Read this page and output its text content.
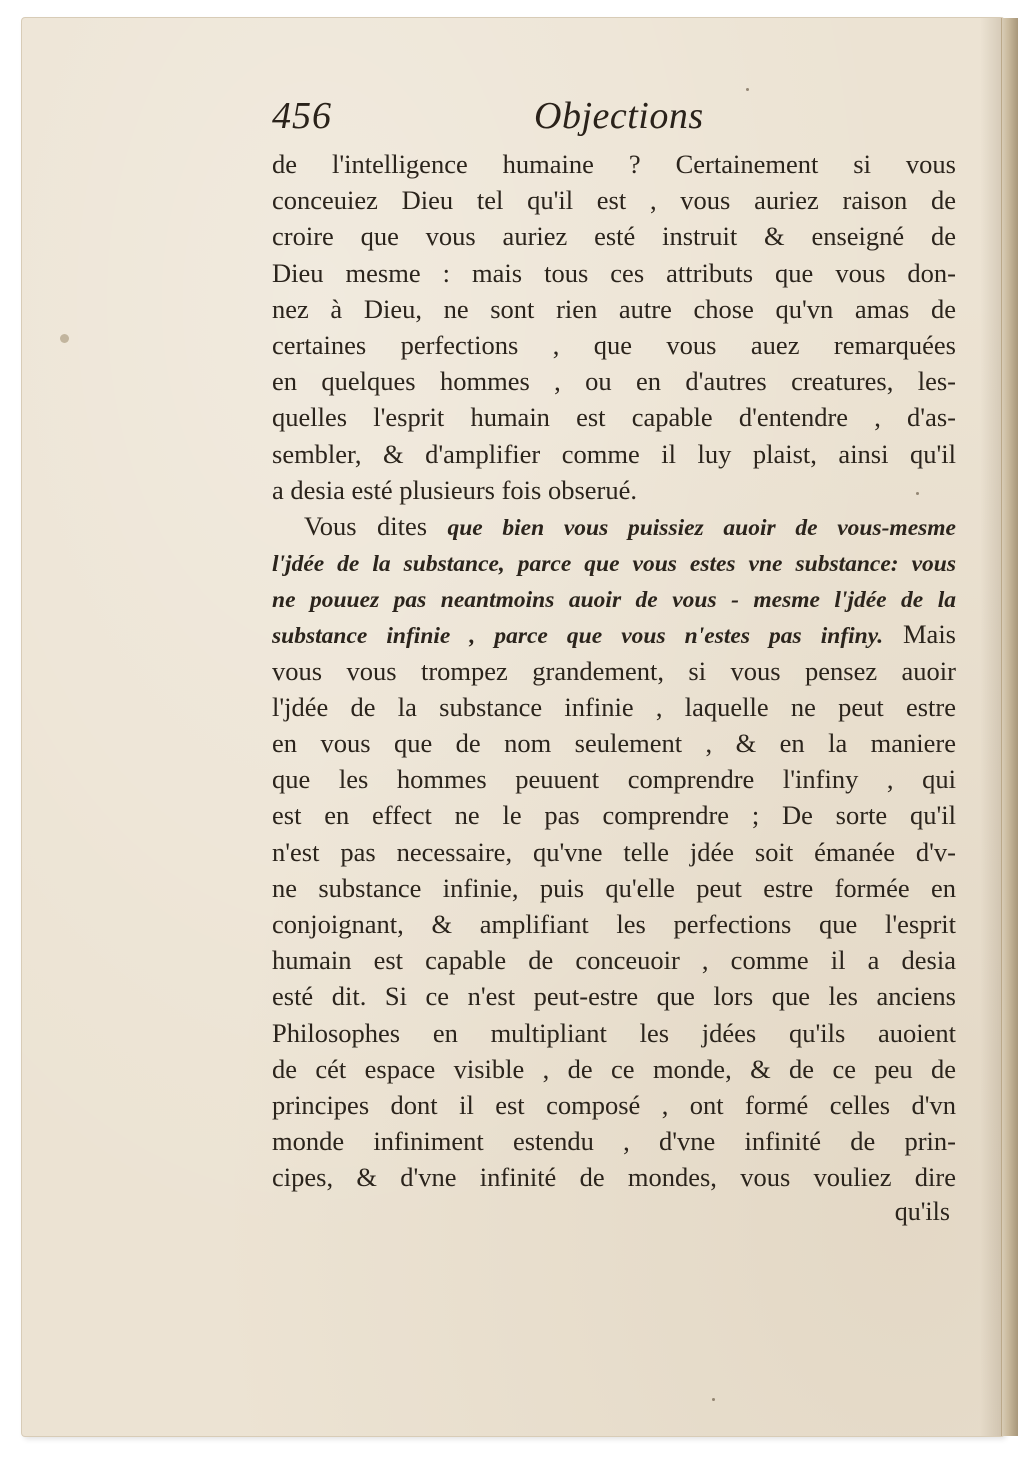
456	Objections
de l'intelligence humaine ? Certainement si vous
conceuiez Dieu tel qu'il est , vous auriez raison de
croire que vous auriez esté instruit & enseigné de
Dieu mesme : mais tous ces attributs que vous don-
nez à Dieu, ne sont rien autre chose qu'vn amas de
certaines perfections , que vous auez remarquées
en quelques hommes , ou en d'autres creatures, les-
quelles l'esprit humain est capable d'entendre , d'as-
sembler, & d'amplifier comme il luy plaist, ainsi qu'il
a desia esté plusieurs fois obserué.
Vous dites que bien vous puissiez auoir de vous-mesme
l'jdée de la substance, parce que vous estes vne substance: vous
ne pouuez pas neantmoins auoir de vous - mesme l'jdée de la
substance infinie , parce que vous n'estes pas infiny. Mais
vous vous trompez grandement, si vous pensez auoir
l'jdée de la substance infinie , laquelle ne peut estre
en vous que de nom seulement , & en la maniere
que les hommes peuuent comprendre l'infiny , qui
est en effect ne le pas comprendre ; De sorte qu'il
n'est pas necessaire, qu'vne telle jdée soit émanée d'v-
ne substance infinie, puis qu'elle peut estre formée en
conjoignant, & amplifiant les perfections que l'esprit
humain est capable de conceuoir , comme il a desia
esté dit. Si ce n'est peut-estre que lors que les anciens
Philosophes en multipliant les jdées qu'ils auoient
de cét espace visible , de ce monde, & de ce peu de
principes dont il est composé , ont formé celles d'vn
monde infiniment estendu , d'vne infinité de prin-
cipes, & d'vne infinité de mondes, vous vouliez dire
qu'ils
